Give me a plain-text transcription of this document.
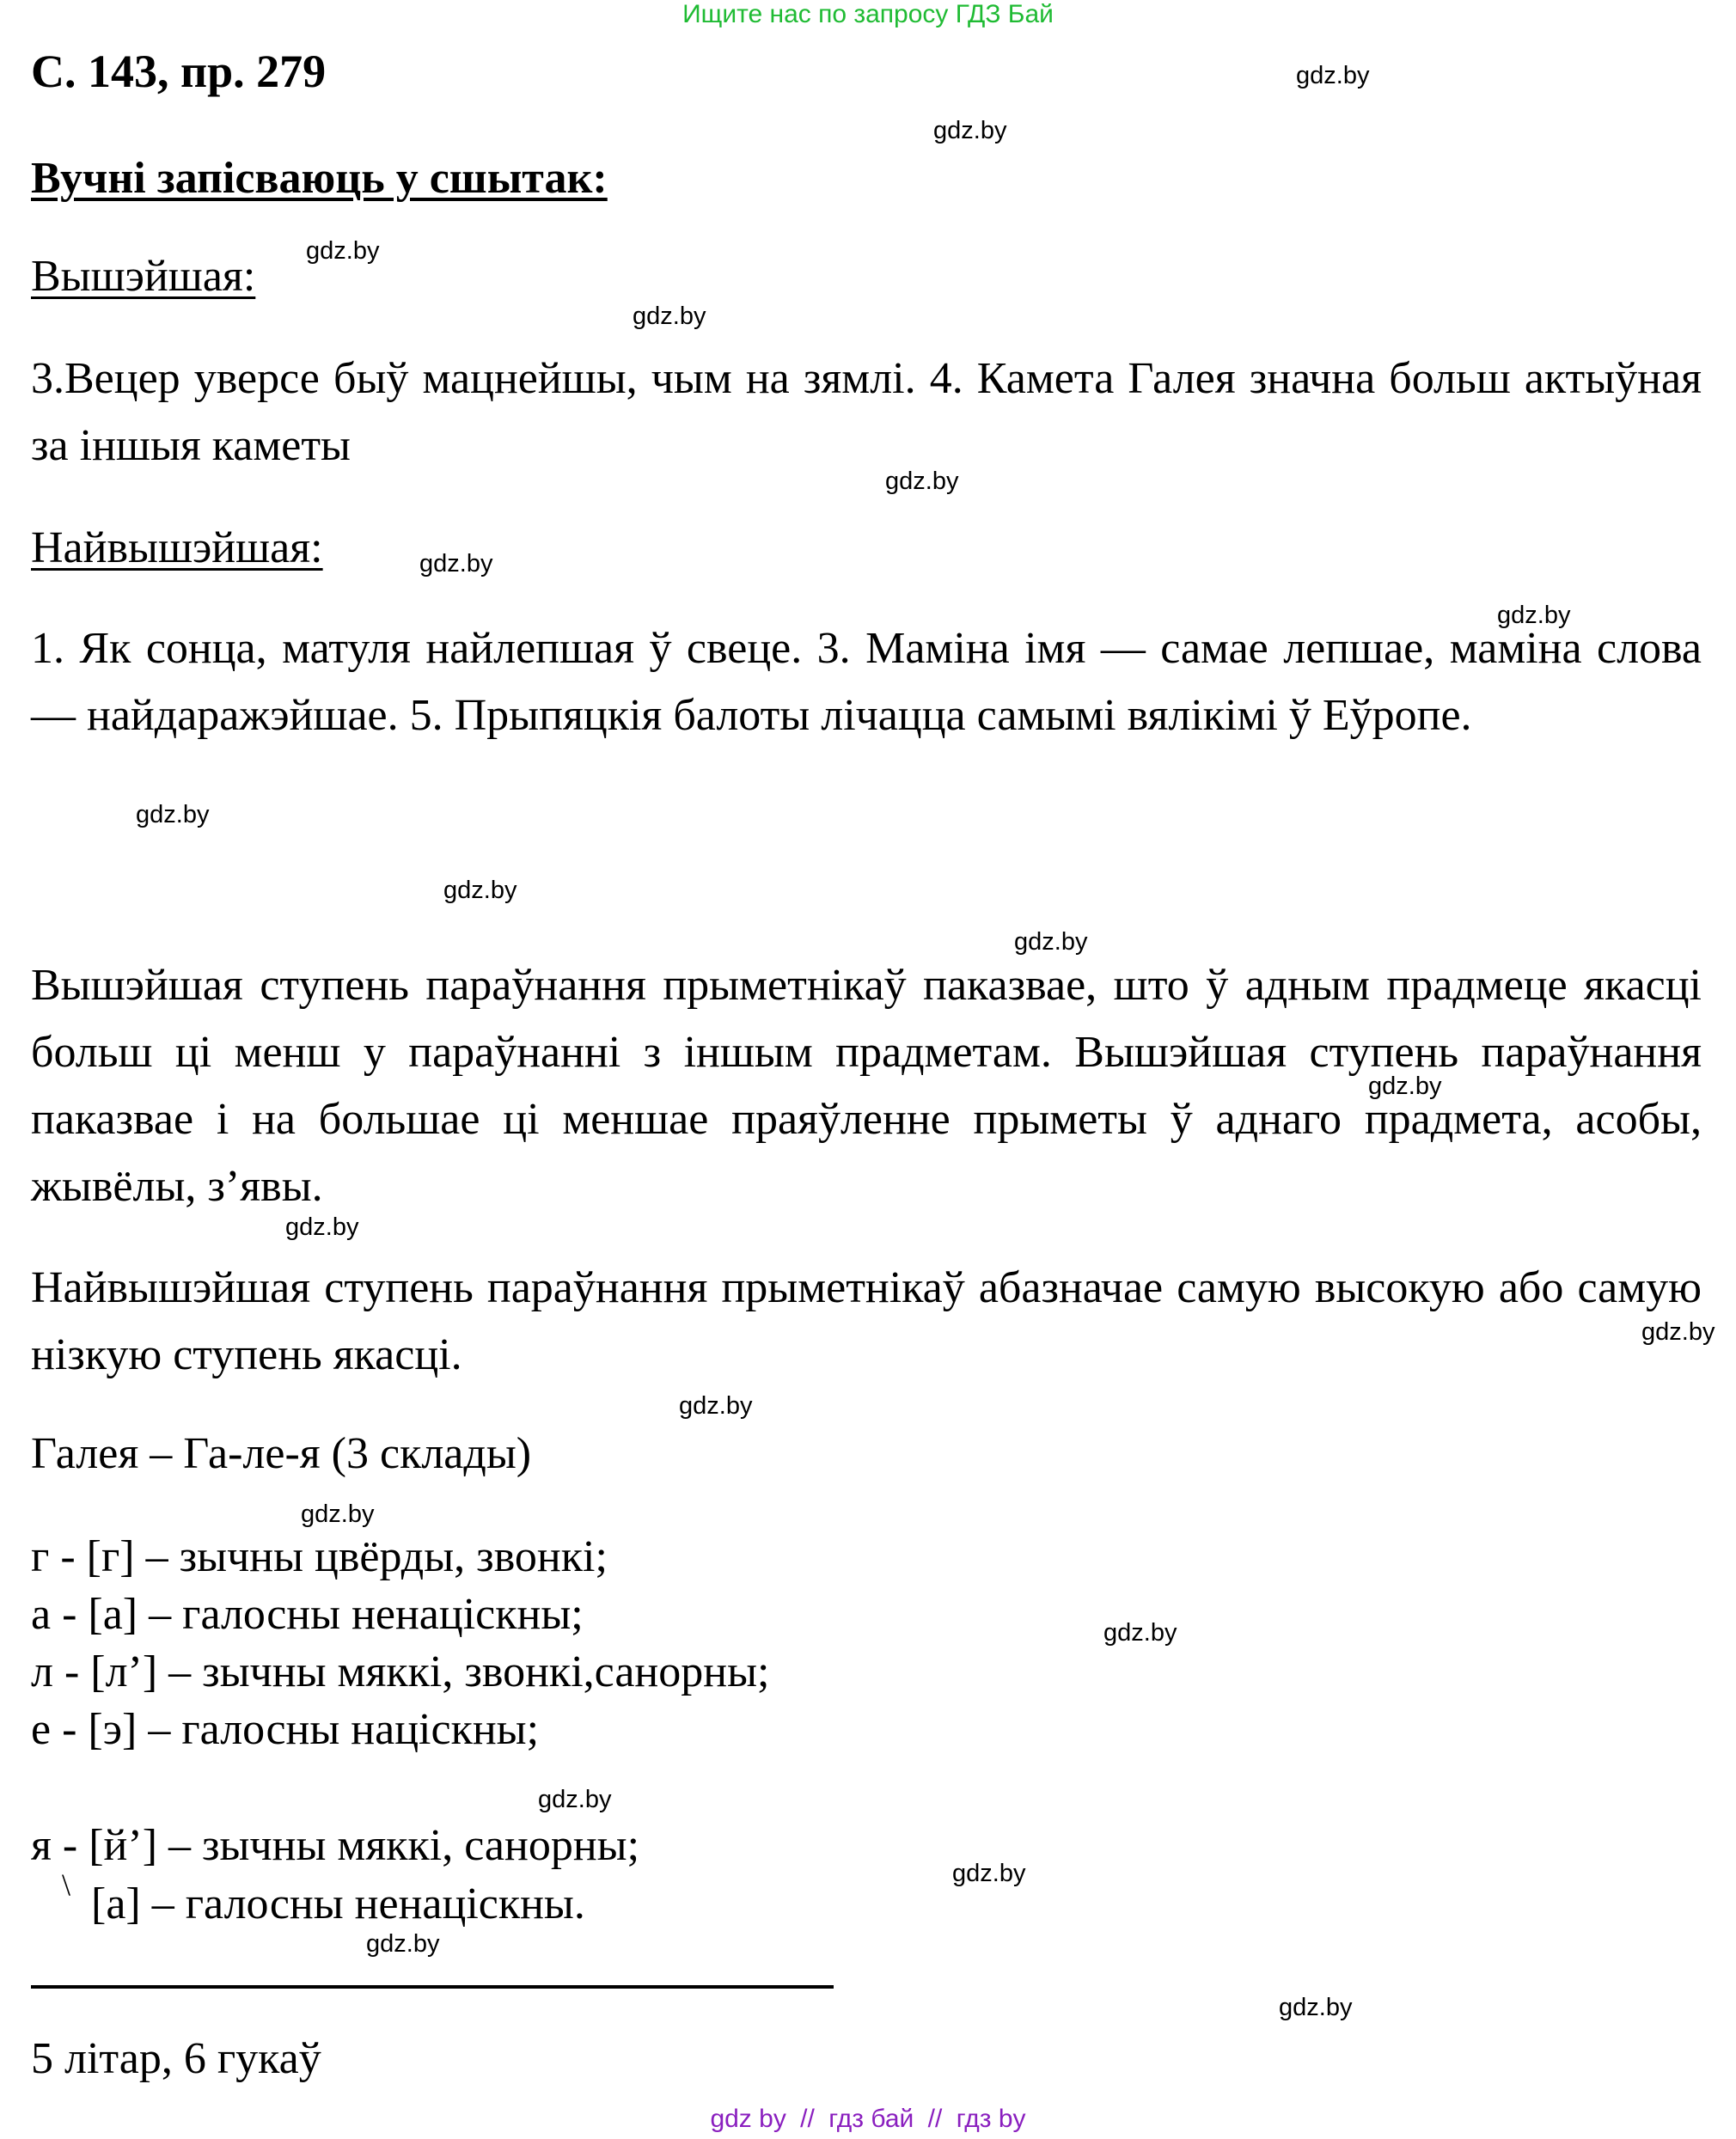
Ищите нас по запросу ГДЗ Бай
С. 143, пр. 279
Вучні запісваюць у сшытак:
Вышэйшая:
3.Вецер уверсе быў мацнейшы, чым на зямлі. 4. Камета Галея значна больш актыўная за іншыя каметы
Найвышэйшая:
1. Як сонца, матуля найлепшая ў свеце. 3. Маміна імя — самае лепшае, маміна слова — найдаражэйшае. 5. Прыпяцкія балоты лічацца самымі вялікімі ў Еўропе.
Вышэйшая ступень параўнання прыметнікаў паказвае, што ў адным прадмеце якасці больш ці менш у параўнанні з іншым прадметам. Вышэйшая ступень параўнання паказвае і на большае ці меншае праяўленне прыметы ў аднаго прадмета, асобы, жывёлы, з’явы.
Найвышэйшая ступень параўнання прыметнікаў абазначае самую высокую або самую нізкую ступень якасці.
Галея – Га-ле-я (3 склады)
г - [г] – зычны цвёрды, звонкі;
а - [а] – галосны ненаціскны;
л - [л’] – зычны мяккі, звонкі,санорны;
е - [э] – галосны націскны;
я - [й’] – зычны мяккі, санорны;
\ [а] – галосны ненаціскны.
5 літар, 6 гукаў
gdz.by
gdz.by
gdz.by
gdz.by
gdz.by
gdz.by
gdz.by
gdz.by
gdz.by
gdz.by
gdz.by
gdz.by
gdz.by
gdz.by
gdz.by
gdz.by
gdz.by
gdz.by
gdz.by
gdz.by
gdz by // гдз бай // гдз by
